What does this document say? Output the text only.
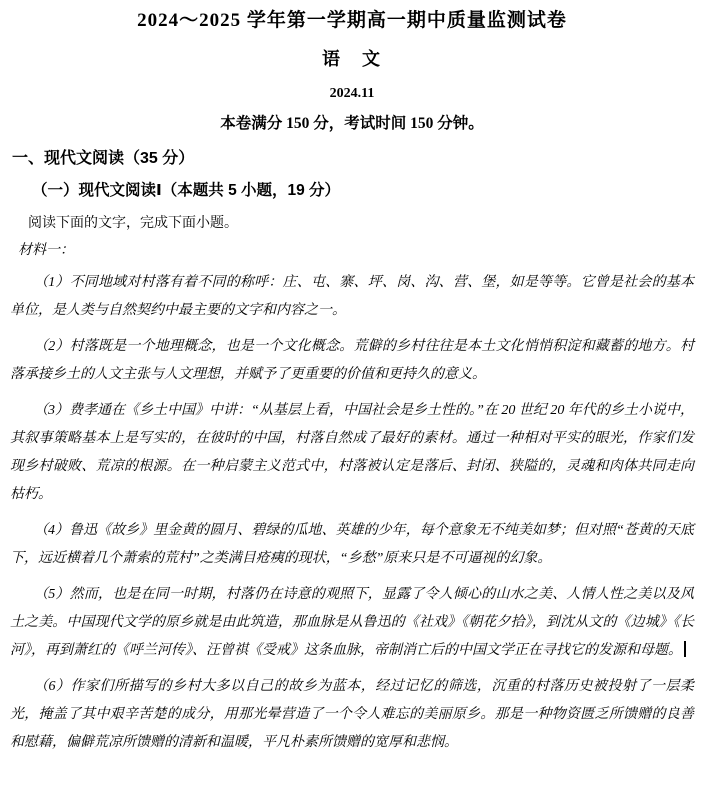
2024～2025 学年第一学期高一期中质量监测试卷
语　文
2024.11
本卷满分 150 分，考试时间 150 分钟。
一、现代文阅读（35 分）
（一）现代文阅读Ⅰ（本题共 5 小题，19 分）
阅读下面的文字，完成下面小题。
材料一：

（1）不同地域对村落有着不同的称呼：庄、屯、寨、坪、岗、沟、营、堡，如是等等。它曾是社会的基本单位，是人类与自然契约中最主要的文字和内容之一。

（2）村落既是一个地理概念，也是一个文化概念。荒僻的乡村往往是本土文化悄悄积淀和藏蓄的地方。村落承接乡土的人文主张与人文理想，并赋予了更重要的价值和更持久的意义。

（3）费孝通在《乡土中国》中讲：“从基层上看，中国社会是乡土性的。”在 20 世纪 20 年代的乡土小说中，其叙事策略基本上是写实的，在彼时的中国，村落自然成了最好的素材。通过一种相对平实的眼光，作家们发现乡村破败、荒凉的根源。在一种启蒙主义范式中，村落被认定是落后、封闭、狭隘的，灵魂和肉体共同走向枯朽。

（4）鲁迅《故乡》里金黄的圆月、碧绿的瓜地、英雄的少年，每个意象无不纯美如梦；但对照“苍黄的天底下，远近横着几个萧索的荒村”之类满目疮痍的现状，“乡愁”原来只是不可逼视的幻象。

（5）然而，也是在同一时期，村落仍在诗意的观照下，显露了令人倾心的山水之美、人情人性之美以及风土之美。中国现代文学的原乡就是由此筑造，那血脉是从鲁迅的《社戏》《朝花夕拾》，到沈从文的《边城》《长河》，再到萧红的《呼兰河传》、汪曾祺《受戒》这条血脉，帝制消亡后的中国文学正在寻找它的发源和母题。

（6）作家们所描写的乡村大多以自己的故乡为蓝本，经过记忆的筛选，沉重的村落历史被投射了一层柔光，掩盖了其中艰辛苦楚的成分，用那光晕营造了一个令人难忘的美丽原乡。那是一种物资匮乏所馈赠的良善和慰藉，偏僻荒凉所馈赠的清新和温暖，平凡朴素所馈赠的宽厚和悲悯。
